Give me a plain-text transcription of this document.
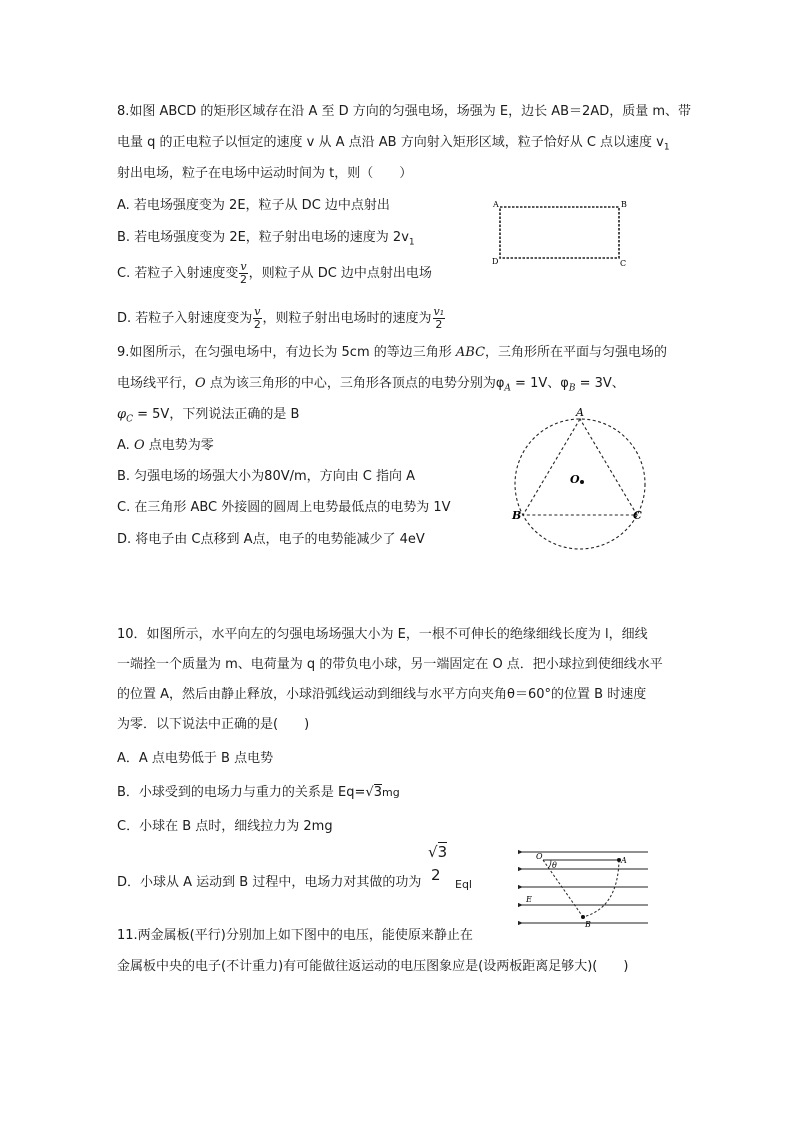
8.如图 ABCD 的矩形区域存在沿 A 至 D 方向的匀强电场，场强为 E，边长 AB＝2AD，质量 m、带
电量 q 的正电粒子以恒定的速度 v 从 A 点沿 AB 方向射入矩形区域，粒子恰好从 C 点以速度 $v_1$
射出电场，粒子在电场中运动时间为 t，则（　　）
A. 若电场强度变为 2E，粒子从 DC 边中点射出
B. 若电场强度变为 2E，粒子射出电场的速度为 $2v_1$
C. 若粒子入射速度变 $\frac{v}{2}$ ，则粒子从 DC 边中点射出电场
D. 若粒子入射速度变为 $\frac{v}{2}$ ，则粒子射出电场时的速度为 $\frac{\text{v₁}}{2}$
A	B
C
D
9.如图所示，在匀强电场中，有边长为 5cm 的等边三角形 ABC，三角形所在平面与匀强电场的
电场线平行，O 点为该三角形的中心，三角形各顶点的电势分别为$\varphi_A = 1V$、$\varphi_B = 3V$、
$\varphi_C = 5V$，下列说法正确的是 B
A. O 点电势为零
B. 匀强电场的场强大小为80V/m，方向由 C 指向 A
C. 在三角形 ABC 外接圆的圆周上电势最低点的电势为 1V
D. 将电子由 C点移到 A点，电子的电势能减少了 4eV
A
B	C
O
10．如图所示，水平向左的匀强电场场强大小为 E，一根不可伸长的绝缘细线长度为 l，细线
一端拴一个质量为 m、电荷量为 q 的带负电小球，另一端固定在 O 点．把小球拉到使细线水平
的位置 A，然后由静止释放，小球沿弧线运动到细线与水平方向夹角θ＝60°的位置 B 时速度
为零．以下说法中正确的是(　　)
A．A 点电势低于 B 点电势
B．小球受到的电场力与重力的关系是 Eq=√3mg
C．小球在 B 点时，细线拉力为 2mg
D．小球从 A 运动到 B 过程中，电场力对其做的功为
√3
2
Eql
O
θ
A
E
B
11.两金属板(平行)分别加上如下图中的电压，能使原来静止在
金属板中央的电子(不计重力)有可能做往返运动的电压图象应是(设两板距离足够大)(　　)
